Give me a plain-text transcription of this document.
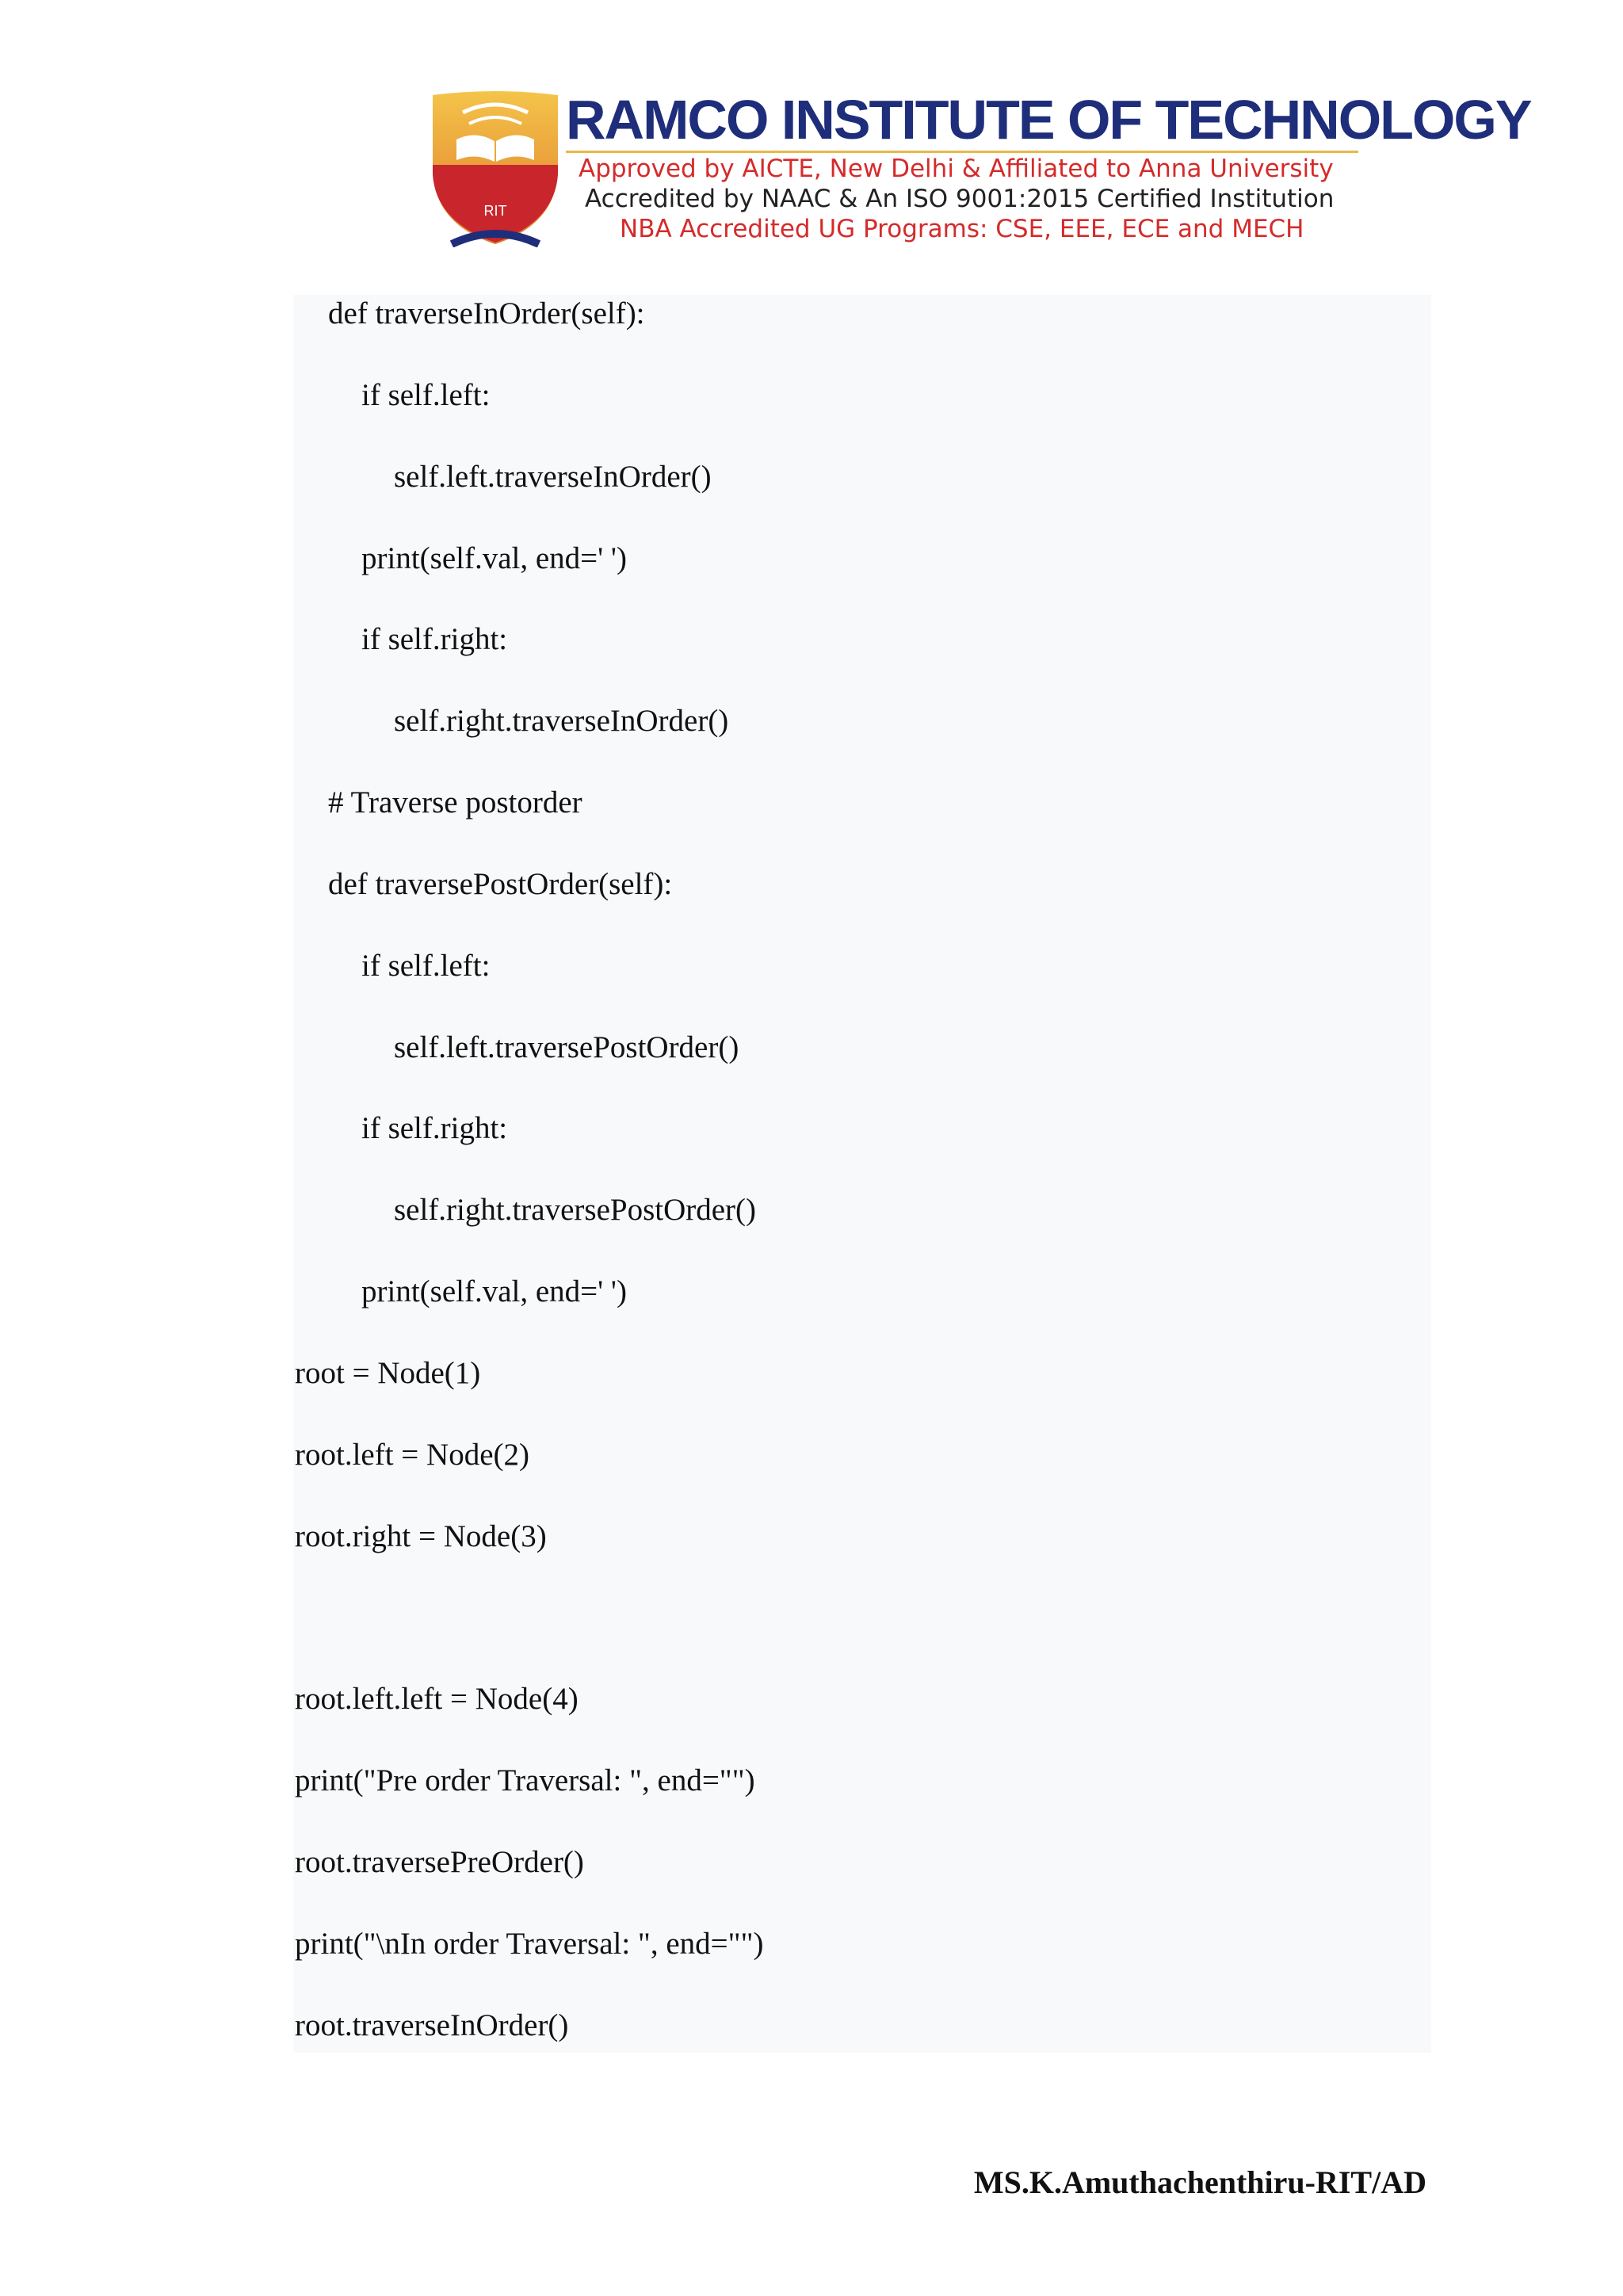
RIT
RAMCO INSTITUTE OF TECHNOLOGY
Approved by AICTE, New Delhi & Affiliated to Anna University
Accredited by NAAC & An ISO 9001:2015 Certified Institution
NBA Accredited UG Programs: CSE, EEE, ECE and MECH
def traverseInOrder(self):
if self.left:
self.left.traverseInOrder()
print(self.val, end=' ')
if self.right:
self.right.traverseInOrder()
# Traverse postorder
def traversePostOrder(self):
if self.left:
self.left.traversePostOrder()
if self.right:
self.right.traversePostOrder()
print(self.val, end=' ')
root = Node(1)
root.left = Node(2)
root.right = Node(3)
root.left.left = Node(4)
print("Pre order Traversal: ", end="")
root.traversePreOrder()
print("\nIn order Traversal: ", end="")
root.traverseInOrder()
MS.K.Amuthachenthiru-RIT/AD
